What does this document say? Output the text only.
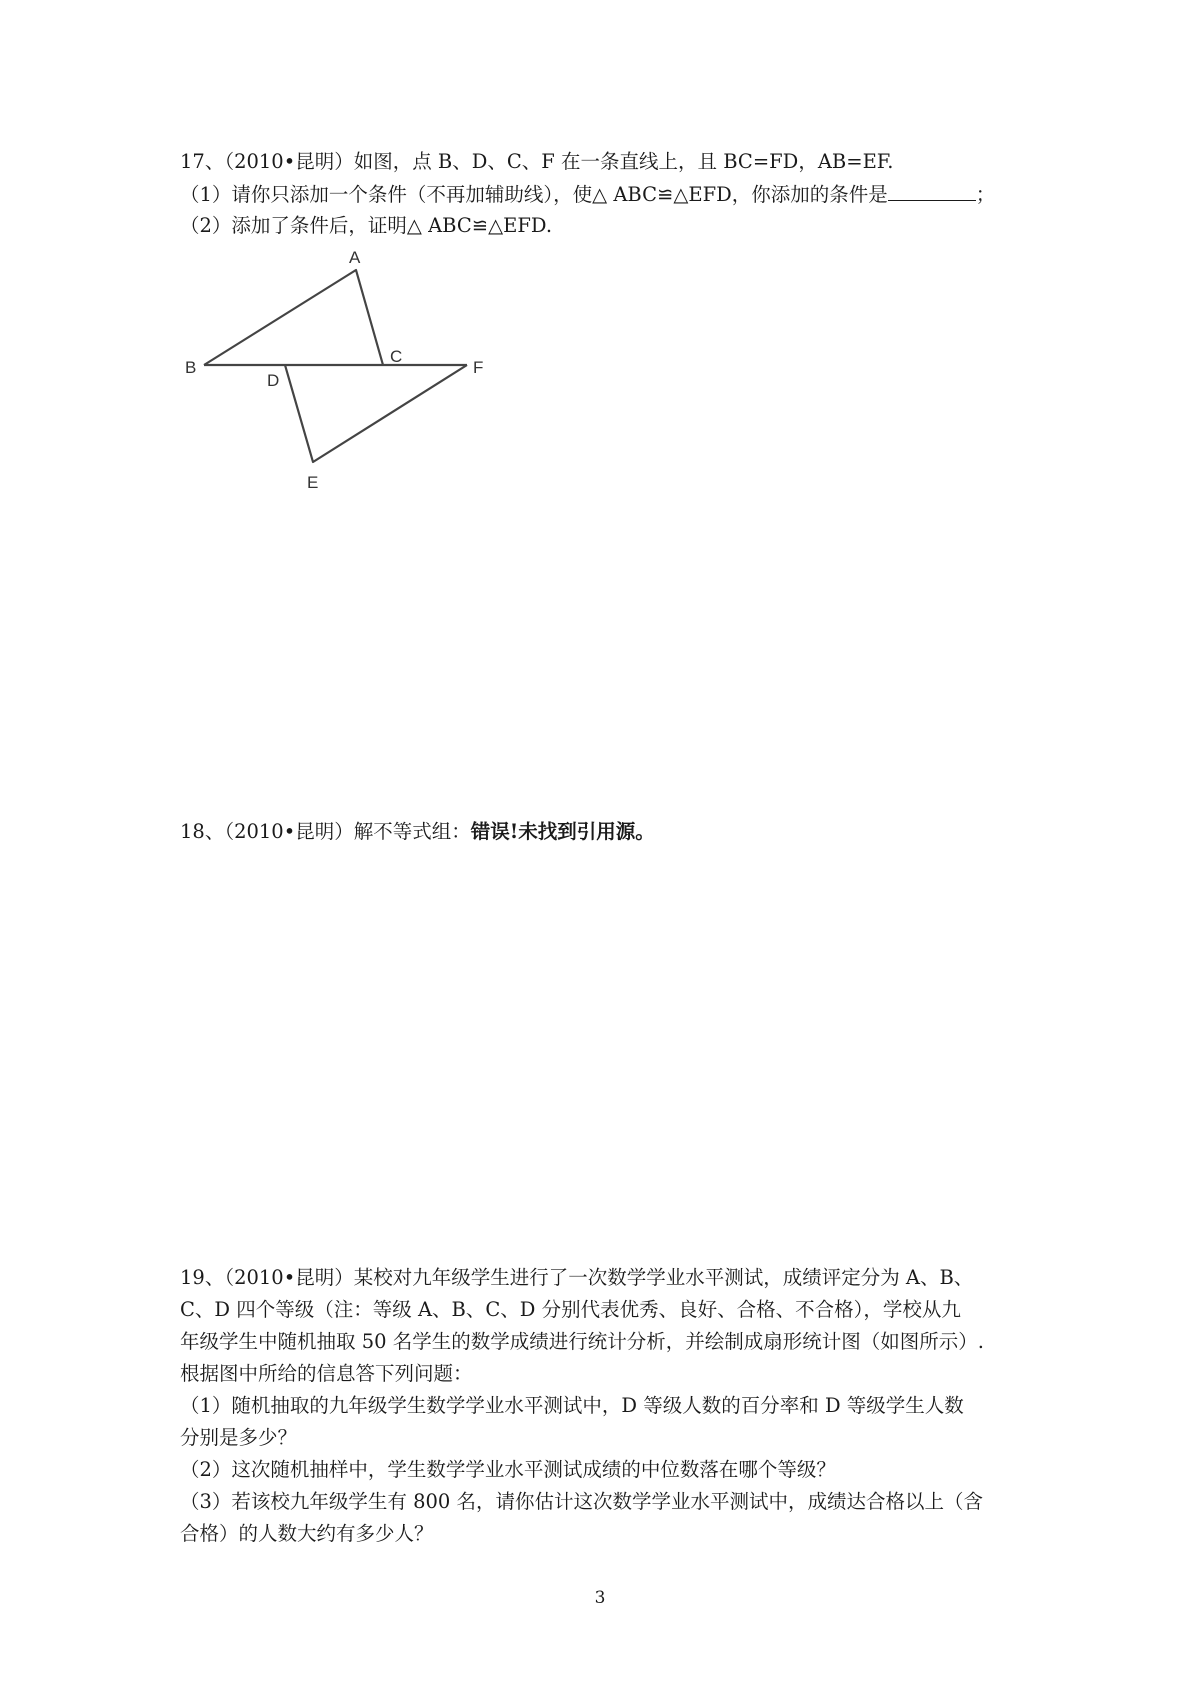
17、（2010•昆明）如图，点 B、D、C、F 在一条直线上，且 BC=FD，AB=EF.
（1）请你只添加一个条件（不再加辅助线），使△ ABC≌△EFD，你添加的条件是	；
（2）添加了条件后，证明△ ABC≌△EFD.
A
B
C
D
E
F
18、（2010•昆明）解不等式组：错误!未找到引用源。
19、（2010•昆明）某校对九年级学生进行了一次数学学业水平测试，成绩评定分为 A、B、
C、D 四个等级（注：等级 A、B、C、D 分别代表优秀、良好、合格、不合格），学校从九
年级学生中随机抽取 50 名学生的数学成绩进行统计分析，并绘制成扇形统计图（如图所示）.
根据图中所给的信息答下列问题：
（1）随机抽取的九年级学生数学学业水平测试中，D 等级人数的百分率和 D 等级学生人数
分别是多少？
（2）这次随机抽样中，学生数学学业水平测试成绩的中位数落在哪个等级？
（3）若该校九年级学生有 800 名，请你估计这次数学学业水平测试中，成绩达合格以上（含
合格）的人数大约有多少人？
3
